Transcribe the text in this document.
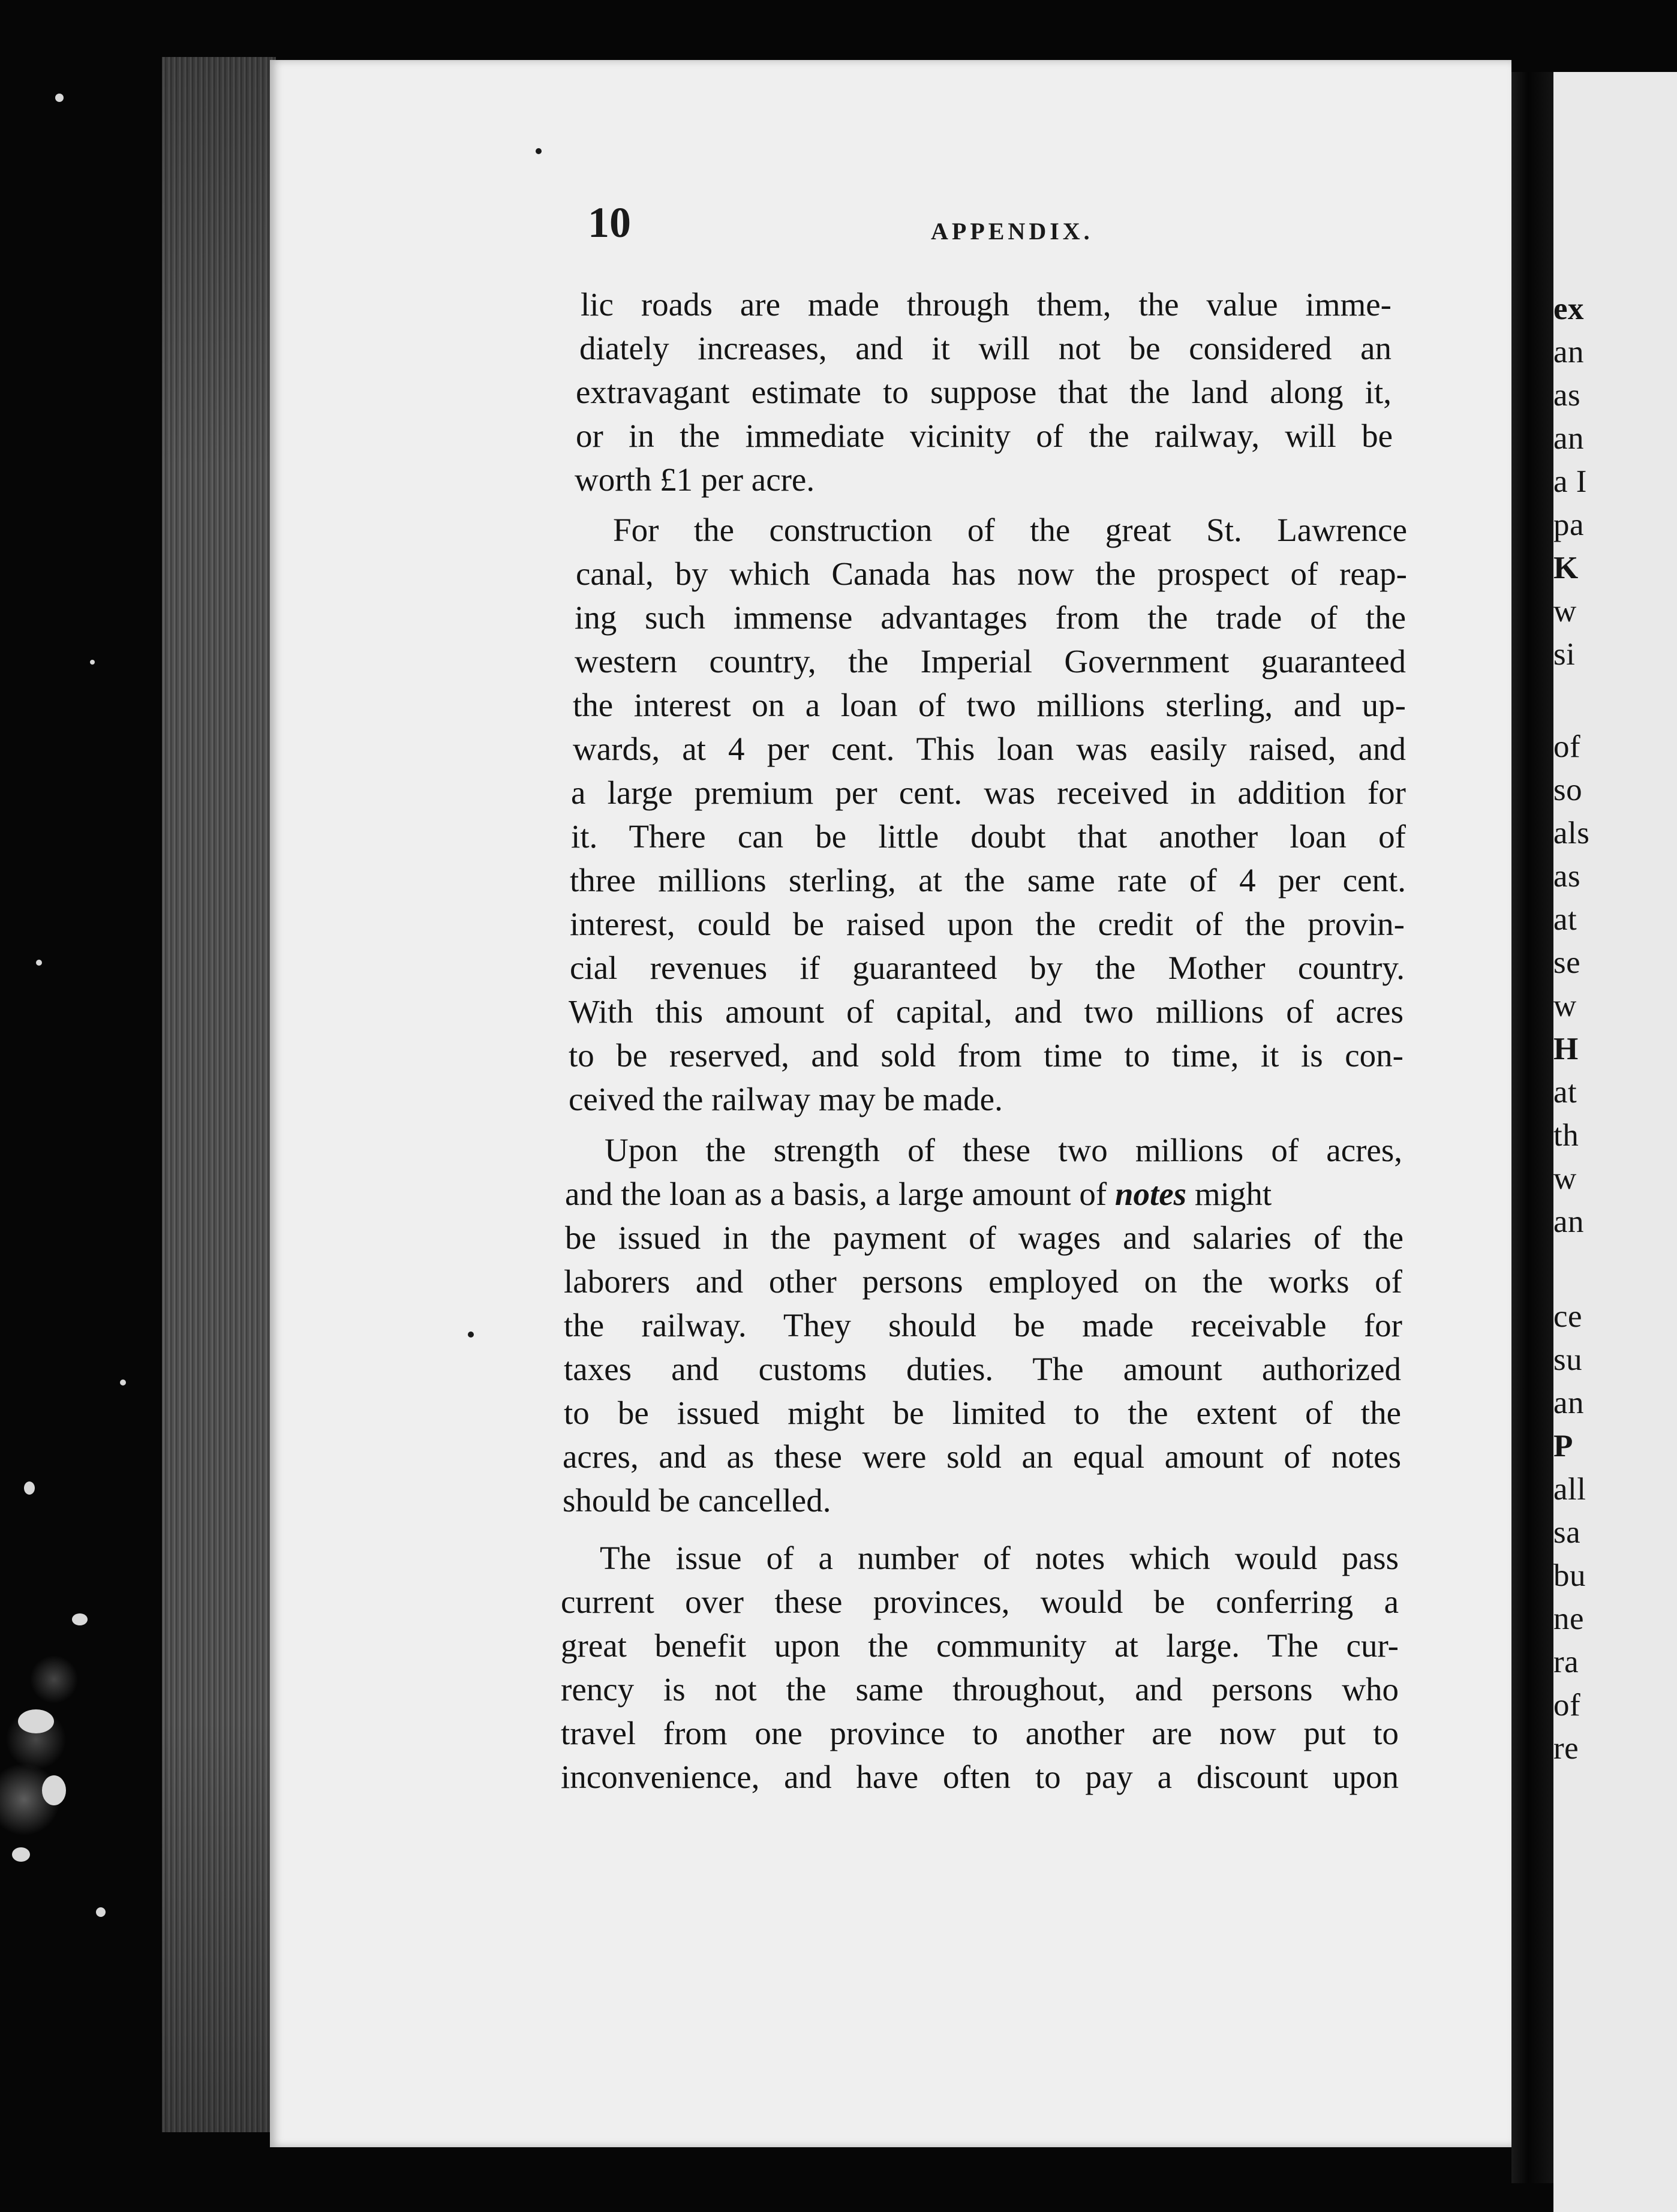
ex
an
as
an
a I
pa
K
w
si
of
so
als
as
at
se
w
H
at
th
w
an
ce
su
an
P
all
sa
bu
ne
ra
of
re
10	APPENDIX.
lic roads are made through them, the value imme-
diately increases, and it will not be considered an
extravagant estimate to suppose that the land along it,
or in the immediate vicinity of the railway, will be
worth £1 per acre.
For the construction of the great St. Lawrence
canal, by which Canada has now the prospect of reap-
ing such immense advantages from the trade of the
western country, the Imperial Government guaranteed
the interest on a loan of two millions sterling, and up-
wards, at 4 per cent. This loan was easily raised, and
a large premium per cent. was received in addition for
it. There can be little doubt that another loan of
three millions sterling, at the same rate of 4 per cent.
interest, could be raised upon the credit of the provin-
cial revenues if guaranteed by the Mother country.
With this amount of capital, and two millions of acres
to be reserved, and sold from time to time, it is con-
ceived the railway may be made.
Upon the strength of these two millions of acres,
and the loan as a basis, a large amount of notes might
be issued in the payment of wages and salaries of the
laborers and other persons employed on the works of
the railway. They should be made receivable for
taxes and customs duties. The amount authorized
to be issued might be limited to the extent of the
acres, and as these were sold an equal amount of notes
should be cancelled.
The issue of a number of notes which would pass
current over these provinces, would be conferring a
great benefit upon the community at large. The cur-
rency is not the same throughout, and persons who
travel from one province to another are now put to
inconvenience, and have often to pay a discount upon
